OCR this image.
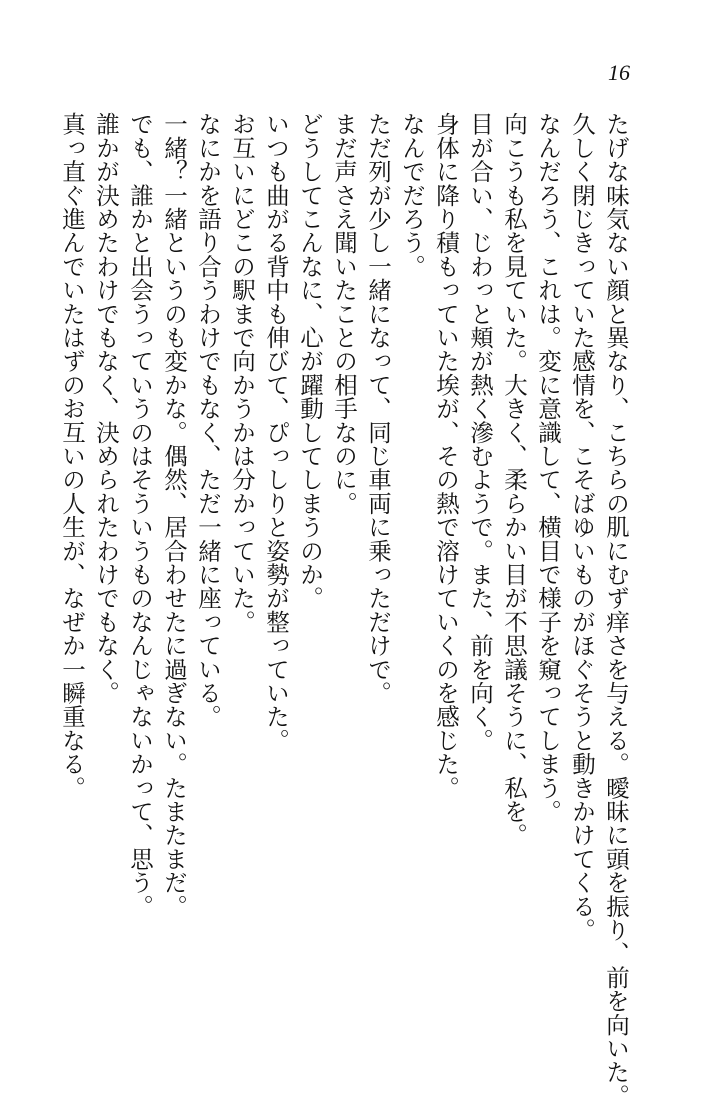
16
たげな味気ない顔と異なり、こちらの肌にむず痒さを与える。曖昧に頭を振り、前を向いた。
久しく閉じきっていた感情を、こそばゆいものがほぐそうと動きかけてくる。
なんだろう、これは。変に意識して、横目で様子を窺ってしまう。
向こうも私を見ていた。大きく、柔らかい目が不思議そうに、私を。
目が合い、じわっと頬が熱く滲むようで。また、前を向く。
身体に降り積もっていた埃が、その熱で溶けていくのを感じた。
なんでだろう。
ただ列が少し一緒になって、同じ車両に乗っただけで。
まだ声さえ聞いたことの相手なのに。
どうしてこんなに、心が躍動してしまうのか。
いつも曲がる背中も伸びて、ぴっしりと姿勢が整っていた。
お互いにどこの駅まで向かうかは分かっていた。
なにかを語り合うわけでもなく、ただ一緒に座っている。
一緒？一緒というのも変かな。偶然、居合わせたに過ぎない。たまたまだ。
でも、誰かと出会うっていうのはそういうものなんじゃないかって、思う。
誰かが決めたわけでもなく、決められたわけでもなく。
真っ直ぐ進んでいたはずのお互いの人生が、なぜか一瞬重なる。
